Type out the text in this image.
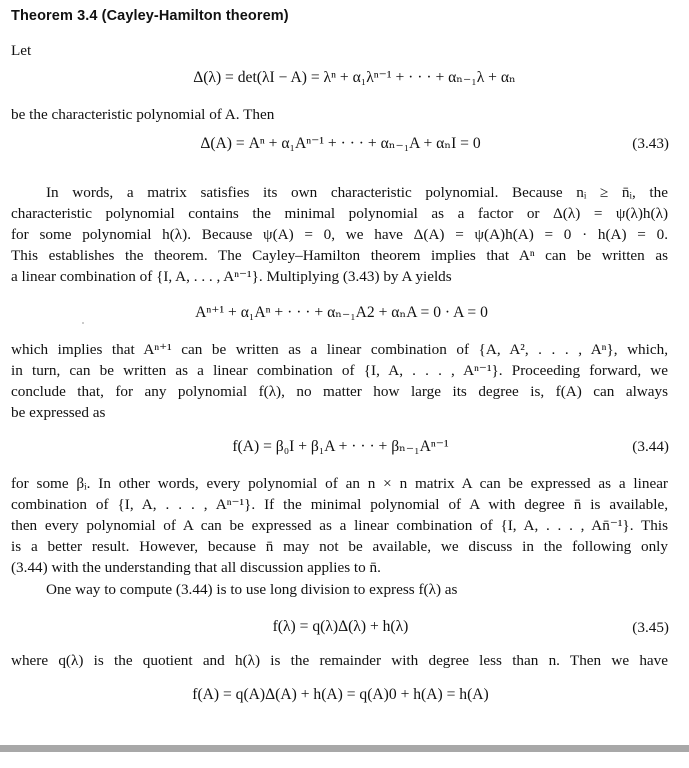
Theorem 3.4 (Cayley-Hamilton theorem)
Let
Δ(λ) = det(λI − A) = λⁿ + α₁λⁿ⁻¹ + · · · + αₙ₋₁λ + αₙ
be the characteristic polynomial of A. Then
Δ(A) = Aⁿ + α₁Aⁿ⁻¹ + · · · + αₙ₋₁A + αₙI = 0	(3.43)
In words, a matrix satisfies its own characteristic polynomial. Because nᵢ ≥ n̄ᵢ, the
characteristic polynomial contains the minimal polynomial as a factor or Δ(λ) = ψ(λ)h(λ)
for some polynomial h(λ). Because ψ(A) = 0, we have Δ(A) = ψ(A)h(A) = 0 · h(A) = 0.
This establishes the theorem. The Cayley–Hamilton theorem implies that Aⁿ can be written as
a linear combination of {I, A, . . . , Aⁿ⁻¹}. Multiplying (3.43) by A yields
Aⁿ⁺¹ + α₁Aⁿ + · · · + αₙ₋₁A2 + αₙA = 0 · A = 0
which implies that Aⁿ⁺¹ can be written as a linear combination of {A, A², . . . , Aⁿ}, which,
in turn, can be written as a linear combination of {I, A, . . . , Aⁿ⁻¹}. Proceeding forward, we
conclude that, for any polynomial f(λ), no matter how large its degree is, f(A) can always
be expressed as
f(A) = β₀I + β₁A + · · · + βₙ₋₁Aⁿ⁻¹	(3.44)
for some βᵢ. In other words, every polynomial of an n × n matrix A can be expressed as a linear
combination of {I, A, . . . , Aⁿ⁻¹}. If the minimal polynomial of A with degree n̄ is available,
then every polynomial of A can be expressed as a linear combination of {I, A, . . . , An̄⁻¹}. This
is a better result. However, because n̄ may not be available, we discuss in the following only
(3.44) with the understanding that all discussion applies to n̄.
One way to compute (3.44) is to use long division to express f(λ) as
f(λ) = q(λ)Δ(λ) + h(λ)	(3.45)
where q(λ) is the quotient and h(λ) is the remainder with degree less than n. Then we have
f(A) = q(A)Δ(A) + h(A) = q(A)0 + h(A) = h(A)
